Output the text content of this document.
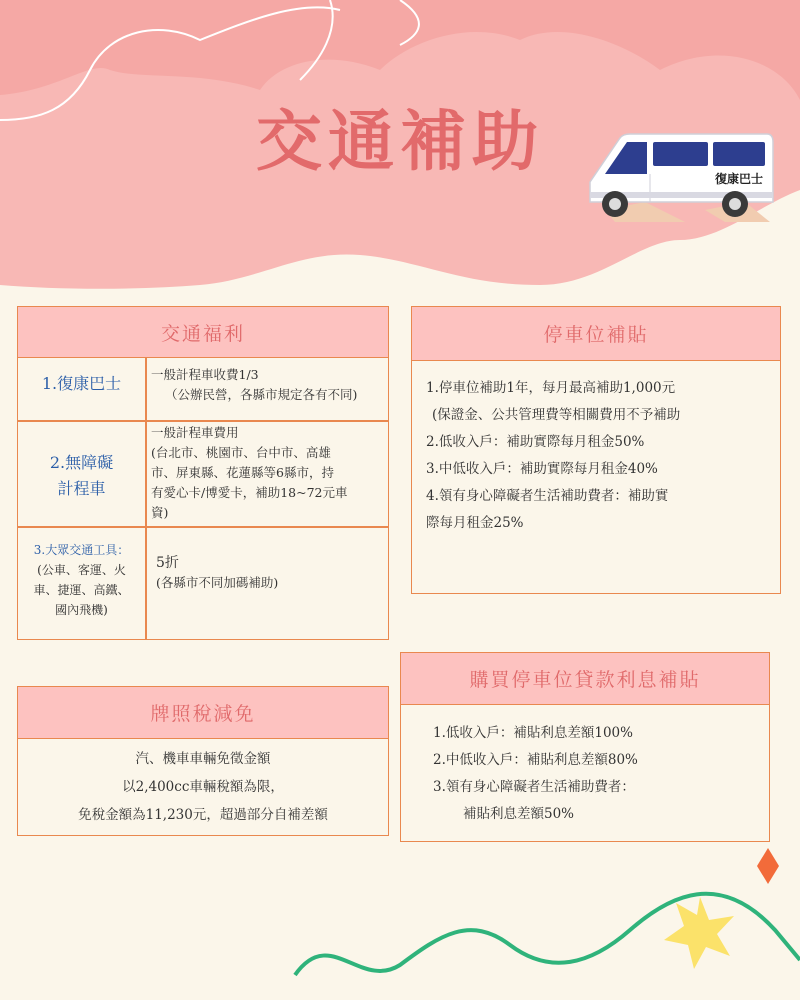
復康巴士
交通補助
交通福利
1.復康巴士	一般計程車收費1/3

（公辦民營，各縣市規定各有不同)

2.無障礙
計程車

一般計程車費用

(台北市、桃園市、台中市、高雄

市、屏東縣、花蓮縣等6縣市，持

有愛心卡/博愛卡，補助18~72元車

資)

3.大眾交通工具：
(公車、客運、火
車、捷運、高鐵、
國內飛機)

5折

(各縣市不同加碼補助)

停車位補貼

1.停車位補助1年，每月最高補助1,000元

(保證金、公共管理費等相關費用不予補助

2.低收入戶：補助實際每月租金50%

3.中低收入戶：補助實際每月租金40%

4.領有身心障礙者生活補助費者：補助實

際每月租金25%

牌照稅減免

汽、機車車輛免徵金額

以2,400cc車輛稅額為限，

免稅金額為11,230元，超過部分自補差額

購買停車位貸款利息補貼

1.低收入戶：補貼利息差額100%

2.中低收入戶：補貼利息差額80%

3.領有身心障礙者生活補助費者：

補貼利息差額50%
